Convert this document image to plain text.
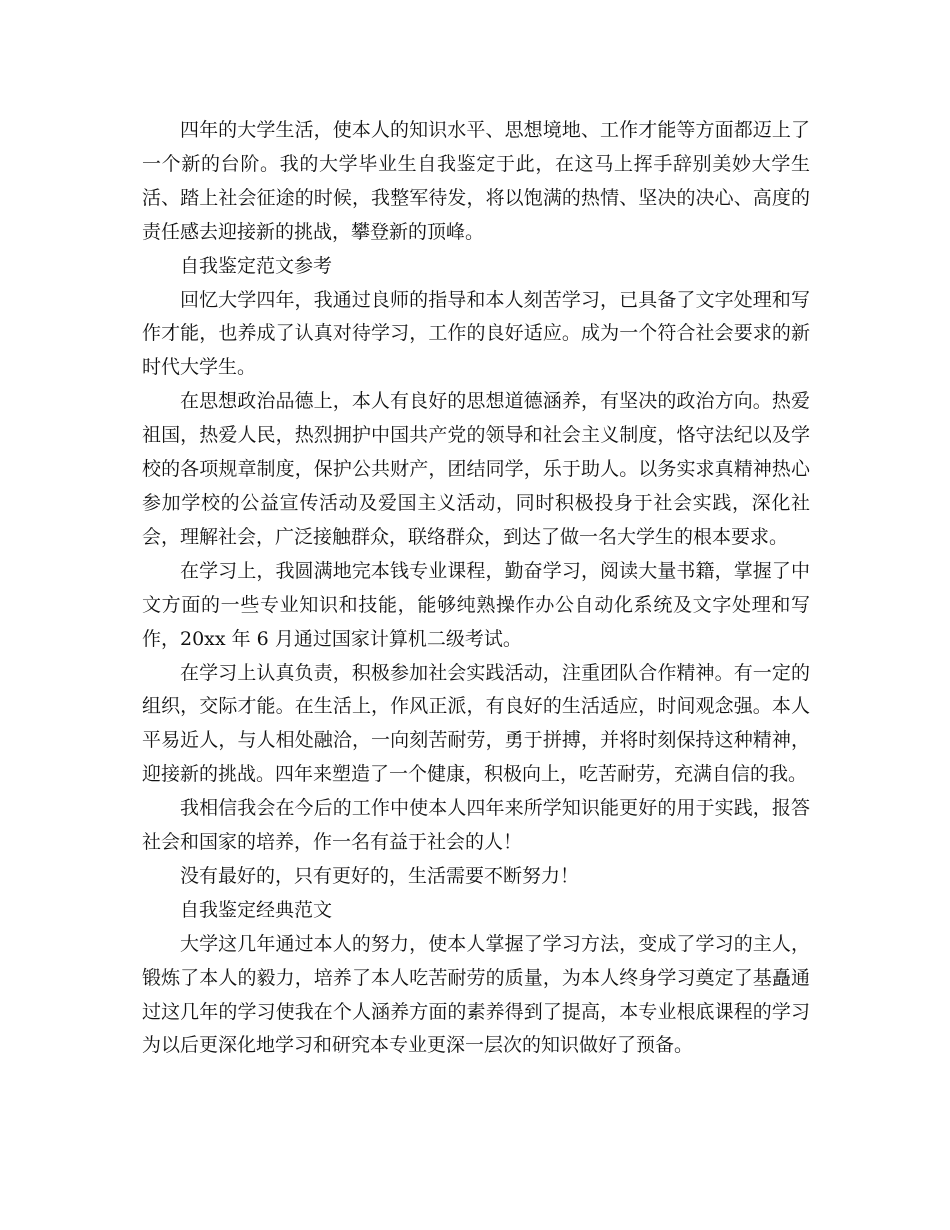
四年的大学生活，使本人的知识水平、思想境地、工作才能等方面都迈上了一个新的台阶。我的大学毕业生自我鉴定于此，在这马上挥手辞别美妙大学生活、踏上社会征途的时候，我整军待发，将以饱满的热情、坚决的决心、高度的责任感去迎接新的挑战，攀登新的顶峰。

自我鉴定范文参考

回忆大学四年，我通过良师的指导和本人刻苦学习，已具备了文字处理和写作才能，也养成了认真对待学习，工作的良好适应。成为一个符合社会要求的新时代大学生。

在思想政治品德上，本人有良好的思想道德涵养，有坚决的政治方向。热爱祖国，热爱人民，热烈拥护中国共产党的领导和社会主义制度，恪守法纪以及学校的各项规章制度，保护公共财产，团结同学，乐于助人。以务实求真精神热心参加学校的公益宣传活动及爱国主义活动，同时积极投身于社会实践，深化社会，理解社会，广泛接触群众，联络群众，到达了做一名大学生的根本要求。

在学习上，我圆满地完本钱专业课程，勤奋学习，阅读大量书籍，掌握了中文方面的一些专业知识和技能，能够纯熟操作办公自动化系统及文字处理和写作，20xx 年 6 月通过国家计算机二级考试。

在学习上认真负责，积极参加社会实践活动，注重团队合作精神。有一定的组织，交际才能。在生活上，作风正派，有良好的生活适应，时间观念强。本人平易近人，与人相处融洽，一向刻苦耐劳，勇于拼搏，并将时刻保持这种精神，迎接新的挑战。四年来塑造了一个健康，积极向上，吃苦耐劳，充满自信的我。

我相信我会在今后的工作中使本人四年来所学知识能更好的用于实践，报答社会和国家的培养，作一名有益于社会的人！

没有最好的，只有更好的，生活需要不断努力！

自我鉴定经典范文

大学这几年通过本人的努力，使本人掌握了学习方法，变成了学习的主人，锻炼了本人的毅力，培养了本人吃苦耐劳的质量，为本人终身学习奠定了基矗通过这几年的学习使我在个人涵养方面的素养得到了提高，本专业根底课程的学习为以后更深化地学习和研究本专业更深一层次的知识做好了预备。
